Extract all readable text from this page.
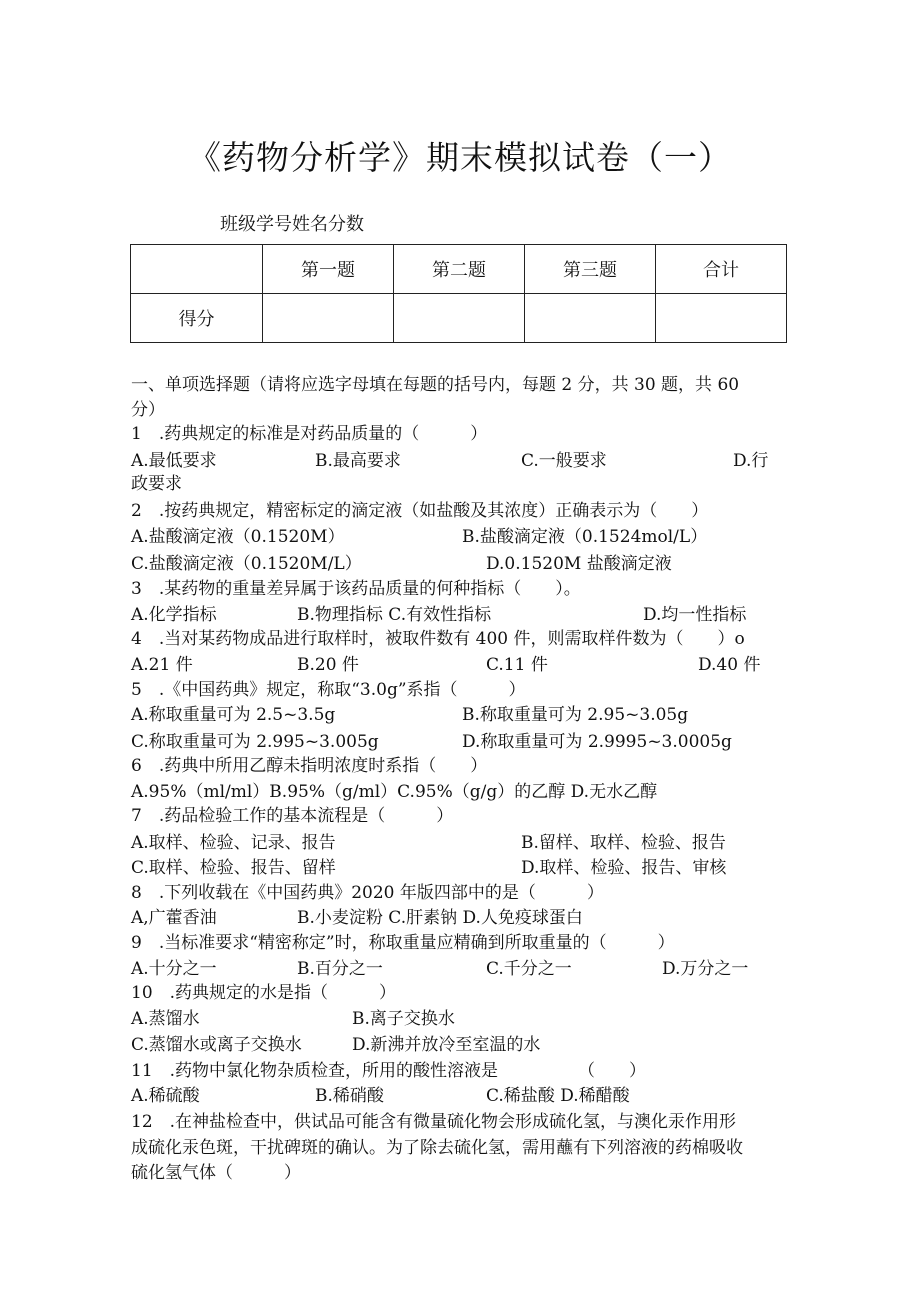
《药物分析学》期末模拟试卷（一）
班级学号姓名分数
	第一题	第二题	第三题	合计
得分				
一、单项选择题（请将应选字母填在每题的括号内，每题 2 分，共 30 题，共 60
分）
1　.药典规定的标准是对药品质量的（　　　）
A.最低要求	B.最高要求	C.一般要求	D.行
政要求
2　.按药典规定，精密标定的滴定液（如盐酸及其浓度）正确表示为（　　）
A.盐酸滴定液（0.1520M）	B.盐酸滴定液（0.1524mol∕L）
C.盐酸滴定液（0.1520M∕L）	D.0.1520M 盐酸滴定液
3　.某药物的重量差异属于该药品质量的何种指标（　　）。
A.化学指标	B.物理指标 C.有效性指标	D.均一性指标
4　.当对某药物成品进行取样时，被取件数有 400 件，则需取样件数为（　　）o
A.21 件	B.20 件	C.11 件	D.40 件
5　.《中国药典》规定，称取“3.0g”系指（　　　）
A.称取重量可为 2.5~3.5g	B.称取重量可为 2.95~3.05g
C.称取重量可为 2.995~3.005g	D.称取重量可为 2.9995~3.0005g
6　.药典中所用乙醇未指明浓度时系指（　　）
A.95%（ml∕ml）B.95%（g∕ml）C.95%（g∕g）的乙醇 D.无水乙醇
7　.药品检验工作的基本流程是（　　　）
A.取样、检验、记录、报告	B.留样、取样、检验、报告
C.取样、检验、报告、留样	D.取样、检验、报告、审核
8　.下列收载在《中国药典》2020 年版四部中的是（　　　）
A,广藿香油	B.小麦淀粉 C.肝素钠 D.人免疫球蛋白
9　.当标准要求“精密称定”时，称取重量应精确到所取重量的（　　　）
A.十分之一	B.百分之一	C.千分之一	D.万分之一
10　.药典规定的水是指（　　　）
A.蒸馏水	B.离子交换水
C.蒸馏水或离子交换水	D.新沸并放冷至室温的水
11　.药物中氯化物杂质检查，所用的酸性溶液是	（　　）
A.稀硫酸	B.稀硝酸	C.稀盐酸 D.稀醋酸
12　.在神盐检查中，供试品可能含有微量硫化物会形成硫化氢，与澳化汞作用形
成硫化汞色斑，干扰碑斑的确认。为了除去硫化氢，需用蘸有下列溶液的药棉吸收
硫化氢气体（　　　）
